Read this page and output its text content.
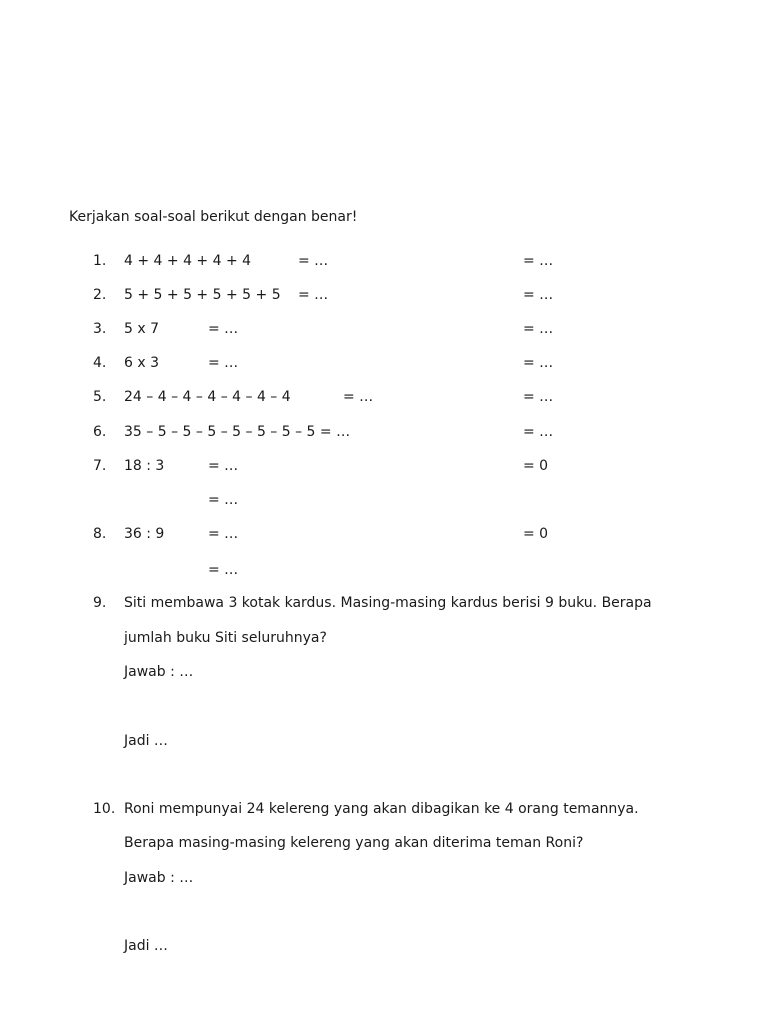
Kerjakan soal-soal berikut dengan benar!
1. 4 + 4 + 4 + 4 + 4	= …	= …
2. 5 + 5 + 5 + 5 + 5 + 5 = …	= …
3. 5 x 7	= …	= …
4. 6 x 3	= …	= …
5. 24 – 4 – 4 – 4 – 4 – 4 – 4	= …	= …
6. 35 – 5 – 5 – 5 – 5 – 5 – 5 – 5 = …	= …
7. 18 : 3	= …	= 0
= …
8. 36 : 9	= …	= 0
= …
9. Siti membawa 3 kotak kardus. Masing-masing kardus berisi 9 buku. Berapa
jumlah buku Siti seluruhnya?
Jawab : …
Jadi …
10. Roni mempunyai 24 kelereng yang akan dibagikan ke 4 orang temannya.
Berapa masing-masing kelereng yang akan diterima teman Roni?
Jawab : …
Jadi …
